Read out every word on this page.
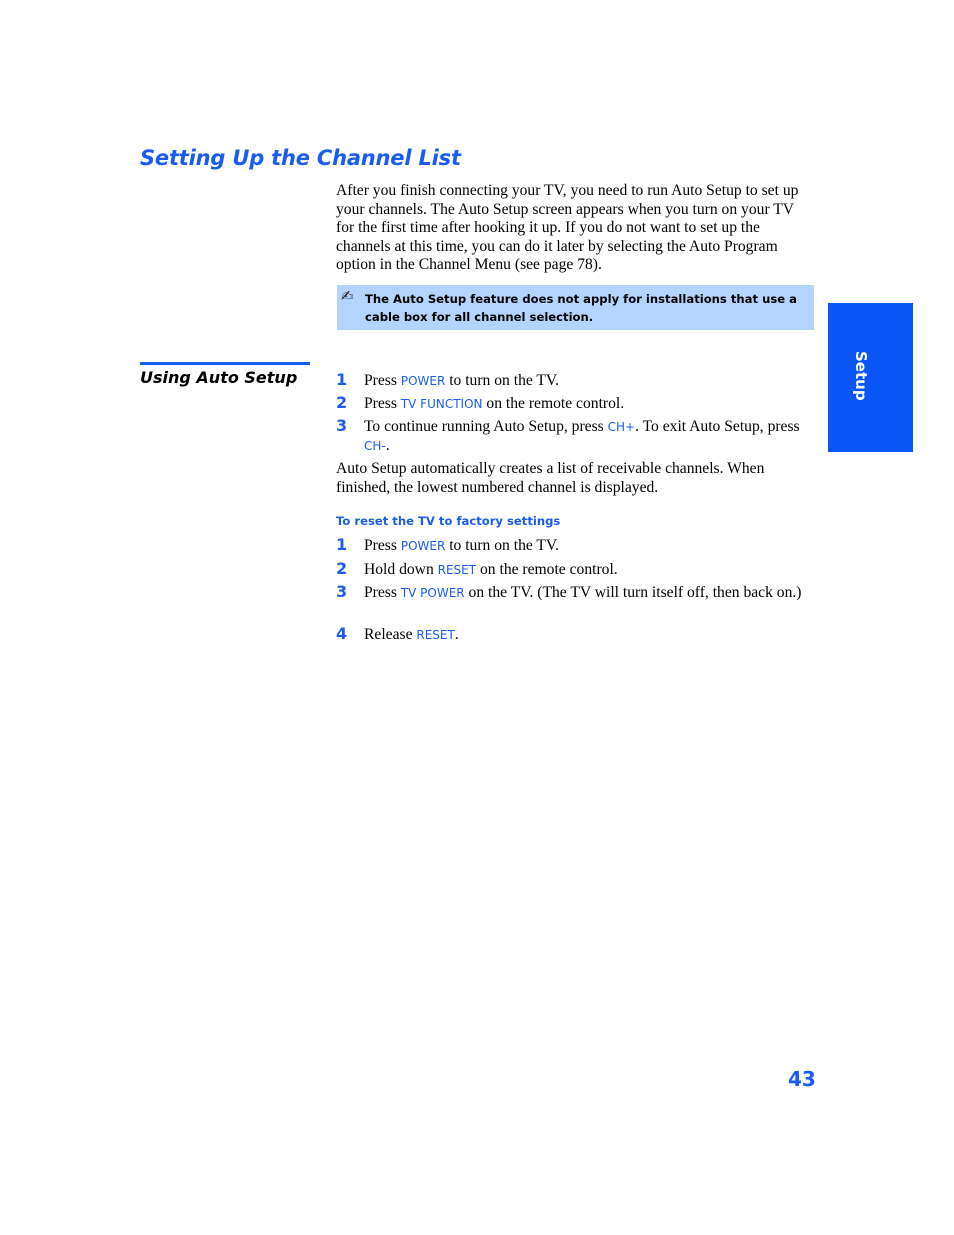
Setting Up the Channel List
After you finish connecting your TV, you need to run Auto Setup to set up your channels. The Auto Setup screen appears when you turn on your TV for the first time after hooking it up. If you do not want to set up the channels at this time, you can do it later by selecting the Auto Program option in the Channel Menu (see page 78).
✍ The Auto Setup feature does not apply for installations that use a cable box for all channel selection.
Using Auto Setup 1 Press POWER to turn on the TV.
2 Press TV FUNCTION on the remote control.
3 To continue running Auto Setup, press CH+. To exit Auto Setup, press CH-.
Auto Setup automatically creates a list of receivable channels. When finished, the lowest numbered channel is displayed.
To reset the TV to factory settings
1 Press POWER to turn on the TV.
2 Hold down RESET on the remote control.
3 Press TV POWER on the TV. (The TV will turn itself off, then back on.)
4 Release RESET.
Setup
43
